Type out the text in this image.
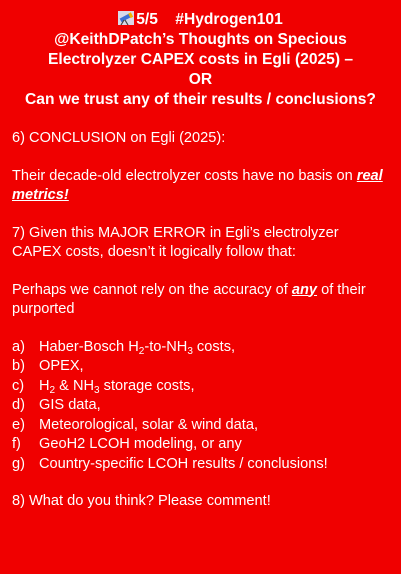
5/5 #Hydrogen101
@KeithDPatch’s Thoughts on Specious
Electrolyzer CAPEX costs in Egli (2025) –
OR
Can we trust any of their results / conclusions?

6) CONCLUSION on Egli (2025):

Their decade-old electrolyzer costs have no basis on real metrics!

7) Given this MAJOR ERROR in Egli’s electrolyzer CAPEX costs, doesn’t it logically follow that:

Perhaps we cannot rely on the accuracy of any of their purported

a) Haber-Bosch $H_2-to-NH_3$ costs,
b) OPEX,
c)	$H_2$ & $NH_3$ storage costs,
d) GIS data,
e) Meteorological, solar & wind data,
f)	GeoH2 LCOH modeling, or any
g) Country-specific LCOH results / conclusions!

8) What do you think? Please comment!
